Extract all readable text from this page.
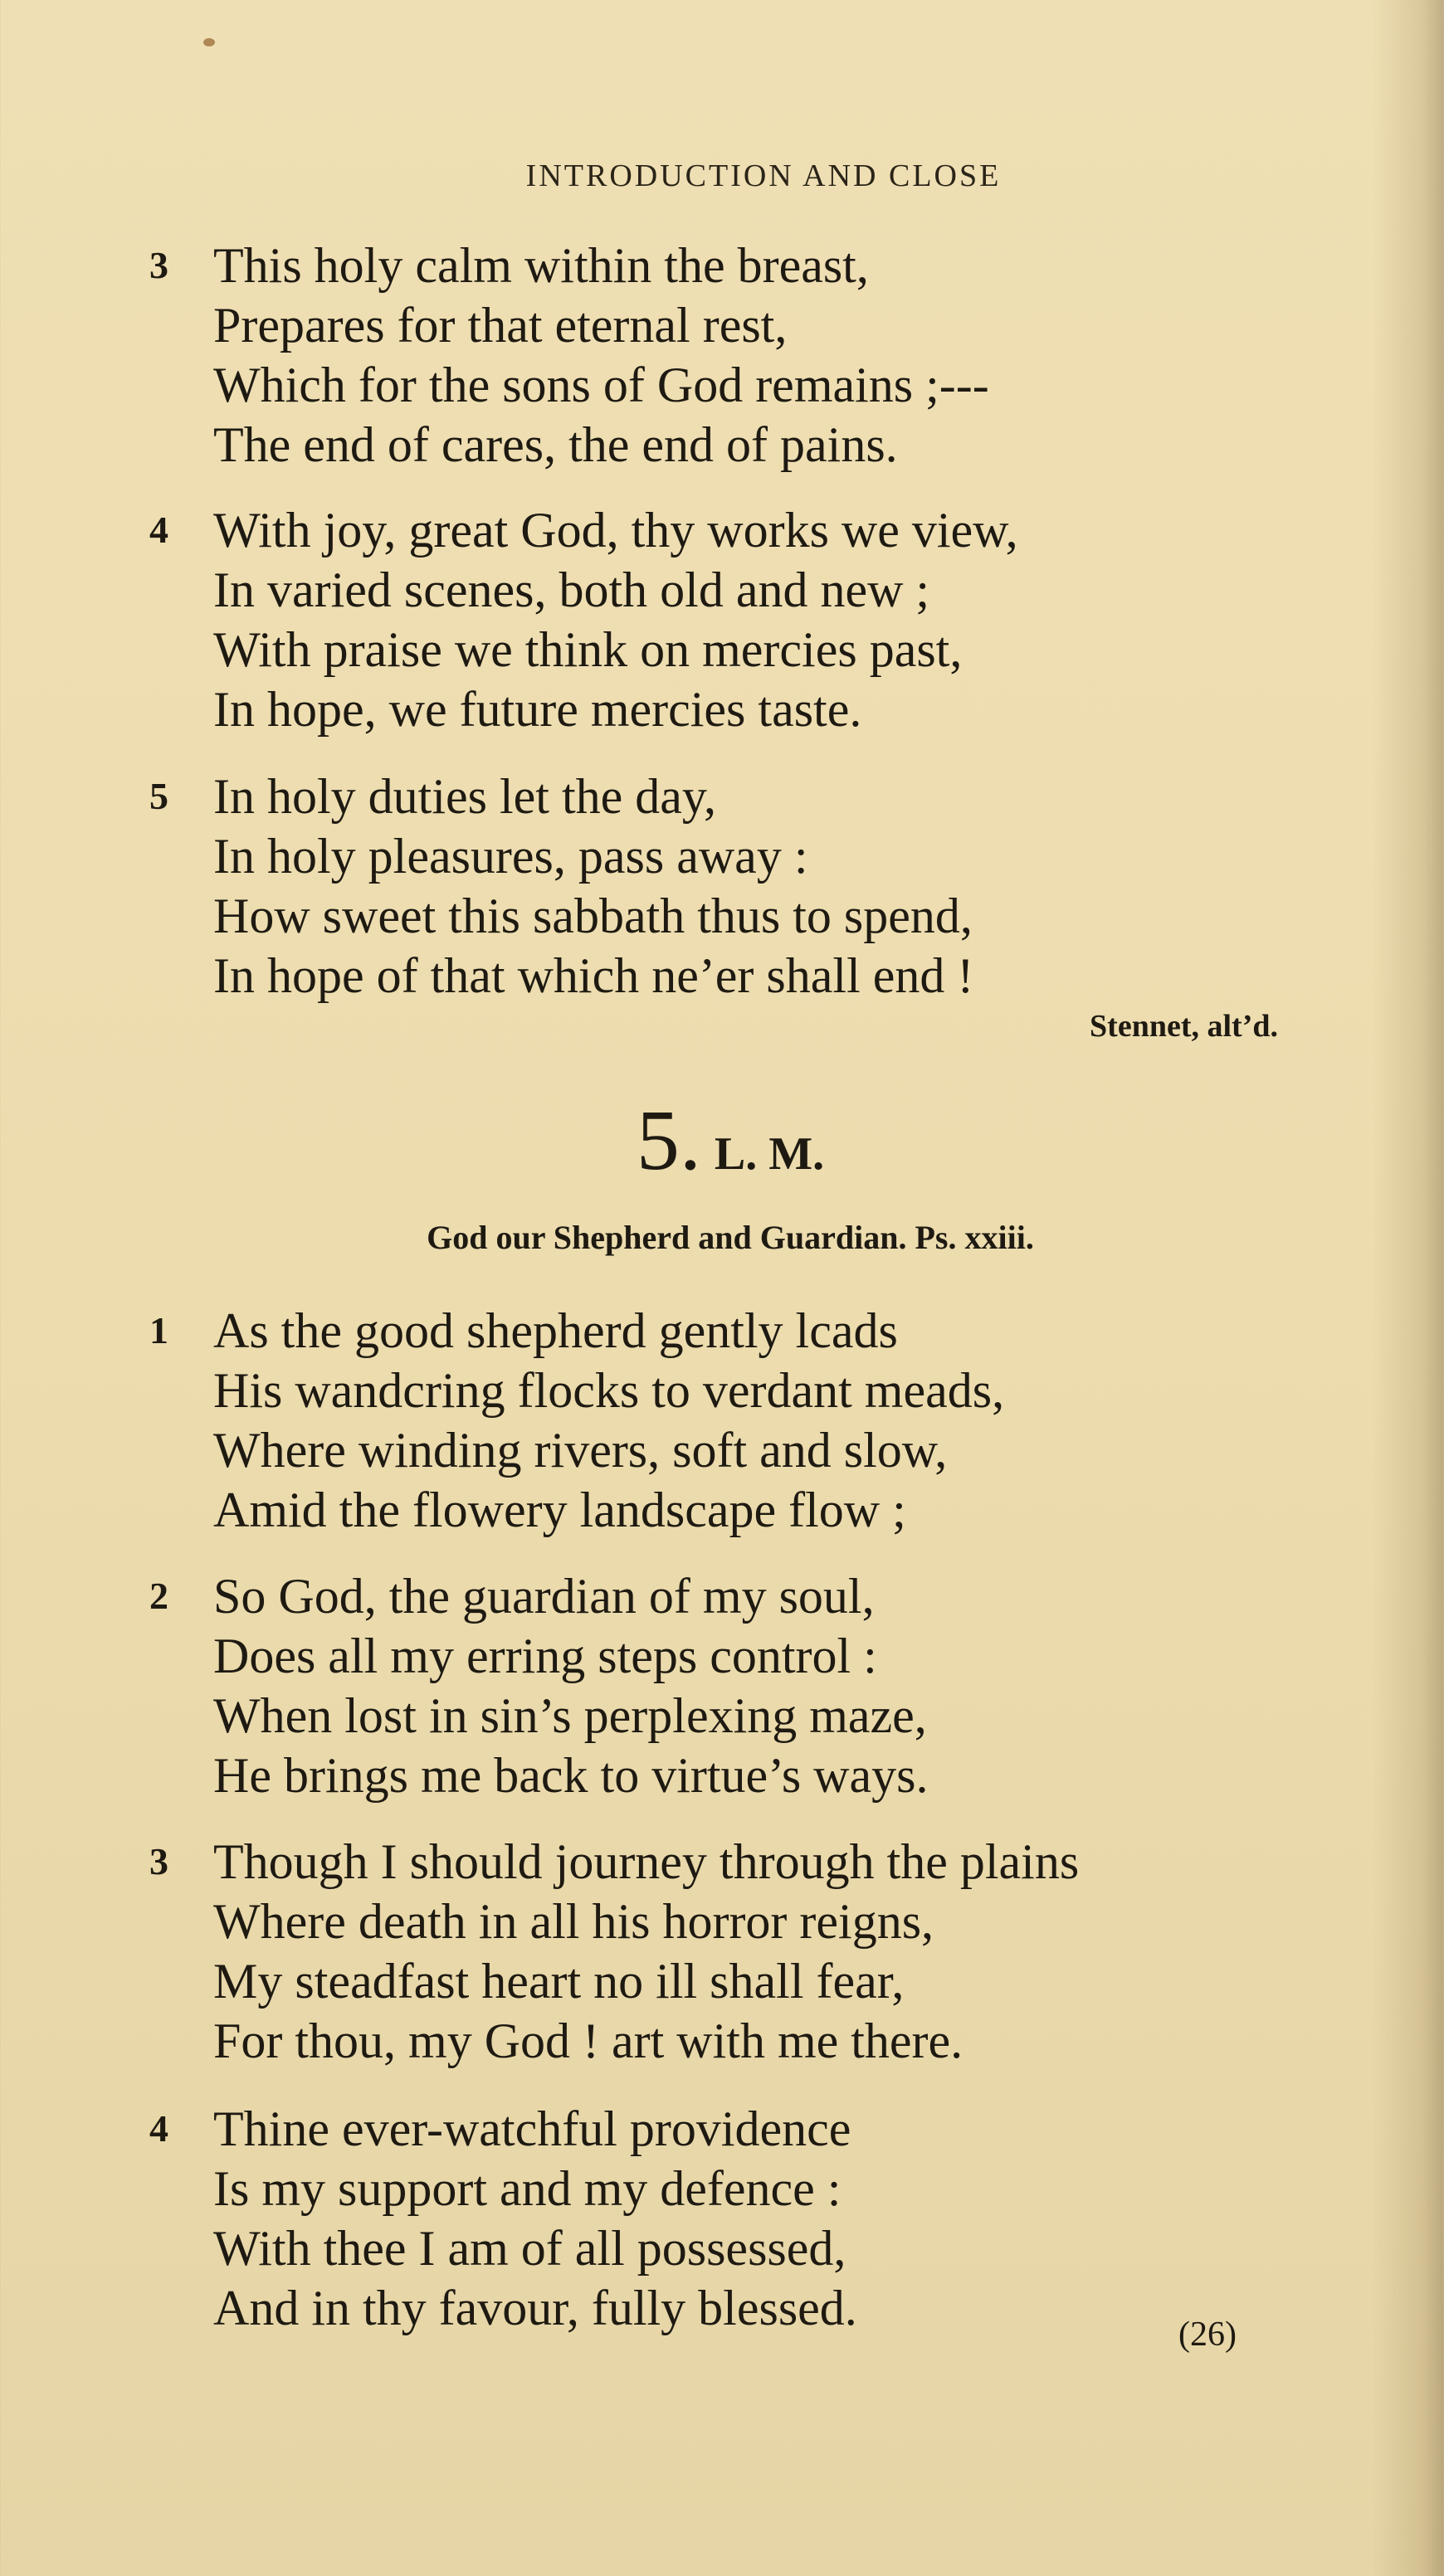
INTRODUCTION AND CLOSE
3 This holy calm within the breast,
Prepares for that eternal rest,
Which for the sons of God remains ;---
The end of cares, the end of pains.
4 With joy, great God, thy works we view,
In varied scenes, both old and new ;
With praise we think on mercies past,
In hope, we future mercies taste.
5 In holy duties let the day,
In holy pleasures, pass away :
How sweet this sabbath thus to spend,
In hope of that which ne’er shall end !
Stennet, alt’d.
5. L. M.
God our Shepherd and Guardian. Ps. xxiii.
1 As the good shepherd gently lcads
His wandcring flocks to verdant meads,
Where winding rivers, soft and slow,
Amid the flowery landscape flow ;
2 So God, the guardian of my soul,
Does all my erring steps control :
When lost in sin’s perplexing maze,
He brings me back to virtue’s ways.
3 Though I should journey through the plains
Where death in all his horror reigns,
My steadfast heart no ill shall fear,
For thou, my God ! art with me there.
4 Thine ever-watchful providence
Is my support and my defence :
With thee I am of all possessed,
And in thy favour, fully blessed.	(26)
